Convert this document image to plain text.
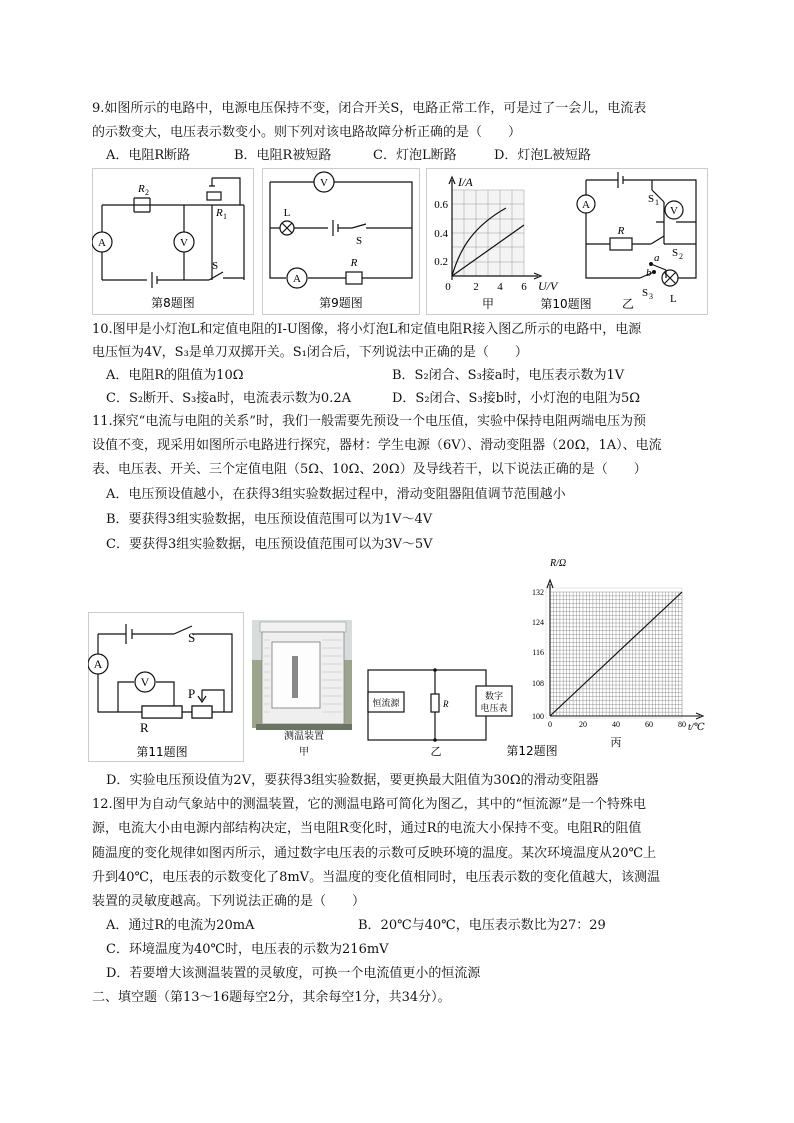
9.如图所示的电路中，电源电压保持不变，闭合开关S，电路正常工作，可是过了一会儿，电流表
的示数变大，电压表示数变小。则下列对该电路故障分析正确的是（　　）
A．电阻R断路	B．电阻R被短路	C．灯泡L断路	D．灯泡L被短路
A	V
R 2
R 1
S
第8题图
V
L
S
A
R
第9题图
I/A
U/V
0.6
0.4
0.2
0 2 4 6
甲
A	V
R
S 1
S 2
S 3
a
b
L
乙
第10题图
10.图甲是小灯泡L和定值电阻的I-U图像，将小灯泡L和定值电阻R接入图乙所示的电路中，电源
电压恒为4V，S₃是单刀双掷开关。S₁闭合后，下列说法中正确的是（　　）
A．电阻R的阻值为10Ω	B．S₂闭合、S₃接a时，电压表示数为1V
C．S₂断开、S₃接a时，电流表示数为0.2A	D．S₂闭合、S₃接b时，小灯泡的电阻为5Ω
11.探究“电流与电阻的关系”时，我们一般需要先预设一个电压值，实验中保持电阻两端电压为预
设值不变，现采用如图所示电路进行探究，器材：学生电源（6V）、滑动变阻器（20Ω，1A）、电流
表、电压表、开关、三个定值电阻（5Ω、10Ω、20Ω）及导线若干，以下说法正确的是（　　）
A．电压预设值越小，在获得3组实验数据过程中，滑动变阻器阻值调节范围越小
B．要获得3组实验数据，电压预设值范围可以为1V～4V
C．要获得3组实验数据，电压预设值范围可以为3V～5V
A
V
S
P
R
第11题图
测温装置
甲
恒流源	R
数字
电压表
乙
R/Ω
t/℃
132
124
116
108
100
0	20	40	60	80
丙
第12题图
D．实验电压预设值为2V，要获得3组实验数据，要更换最大阻值为30Ω的滑动变阻器
12.图甲为自动气象站中的测温装置，它的测温电路可简化为图乙，其中的“恒流源”是一个特殊电
源，电流大小由电源内部结构决定，当电阻R变化时，通过R的电流大小保持不变。电阻R的阻值
随温度的变化规律如图丙所示，通过数字电压表的示数可反映环境的温度。某次环境温度从20℃上
升到40℃，电压表的示数变化了8mV。当温度的变化值相同时，电压表示数的变化值越大，该测温
装置的灵敏度越高。下列说法正确的是（　　）
A．通过R的电流为20mA	B．20℃与40℃，电压表示数比为27：29
C．环境温度为40℃时，电压表的示数为216mV
D．若要增大该测温装置的灵敏度，可换一个电流值更小的恒流源
二、填空题（第13～16题每空2分，其余每空1分，共34分）。
